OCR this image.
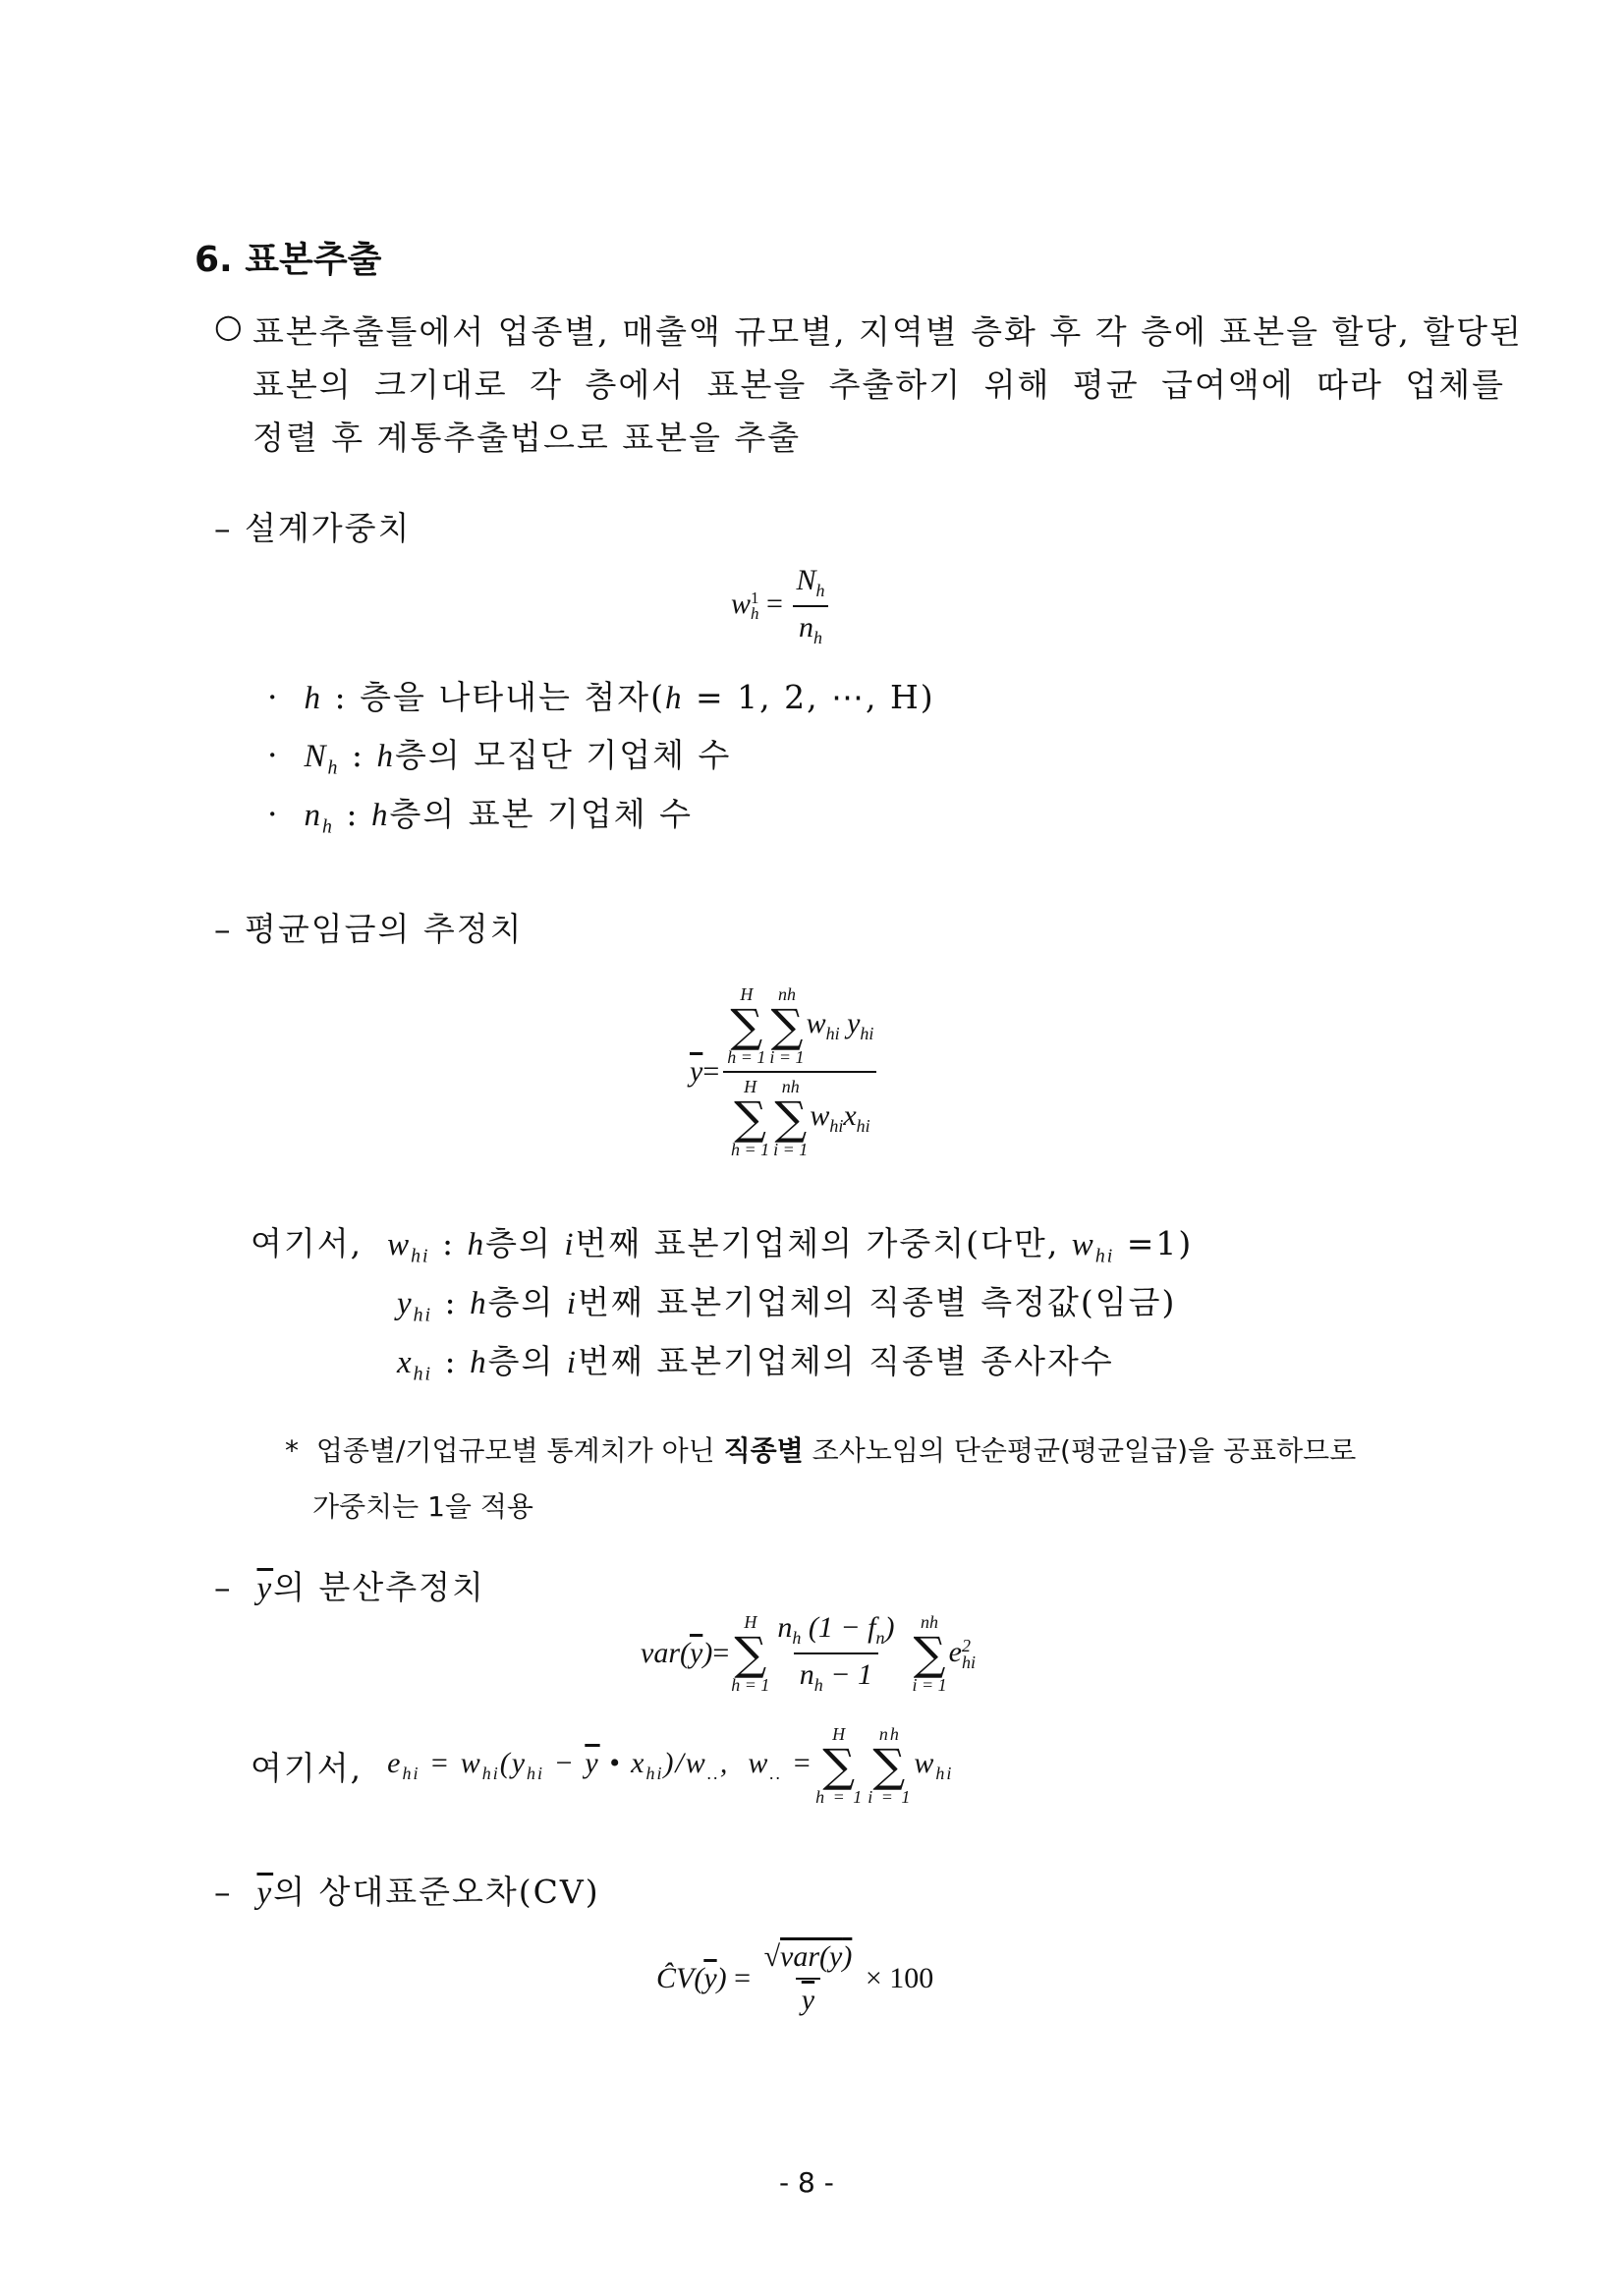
6. 표본추출
○ 표본추출틀에서 업종별, 매출액 규모별, 지역별 층화 후 각 층에 표본을 할당, 할당된
표본의 크기대로 각 층에서 표본을 추출하기 위해 평균 급여액에 따라 업체를
정렬 후 계통추출법으로 표본을 추출
– 설계가중치
w 1
$h = \frac{N_h}{n_h}$
· h : 층을 나타내는 첨자(h = 1, 2, ⋯, H)
· $N_h$ : h층의 모집단 기업체 수
· $n_h$ : h층의 표본 기업체 수
– 평균임금의 추정치
$\overline{y} = H$
∑
h = 1
nh
∑
i = 1
$w_{hi}$ $y_{hi}$
H
∑
h = 1
nh
∑
i = 1
$w_{hi}x_{hi}$
여기서, $w_{hi}$ : h층의 i번째 표본기업체의 가중치(다만, $w_{hi} =1$)
$y_{hi}$ : h층의 i번째 표본기업체의 직종별 측정값(임금)
$x_{hi}$ : h층의 i번째 표본기업체의 직종별 종사자수
* 업종별/기업규모별 통계치가 아닌 직종별 조사노임의 단순평균(평균일급)을 공표하므로
가중치는 1을 적용
– $\overline{y}$의 분산추정치
$var(\overline{y})$ =
H
∑
$h = 1 \frac{n_h (1 - f_n)}{n_h - 1}$ nh
∑
i = 1
e 2
hi
여기서,
$e_{hi} = w_{hi}(y_{hi} - \overline{y}$ • $x_{hi})/w_{..}$,  $w_{..}$ =
H
∑
h = 1
nh
∑
i = 1
$w_{hi}$
– $\overline{y}$의 상대표준오차(CV)
$ĈV(\overline{y}) = \frac{\text{√var(y)}}{y}$
× 100
- 8 -
